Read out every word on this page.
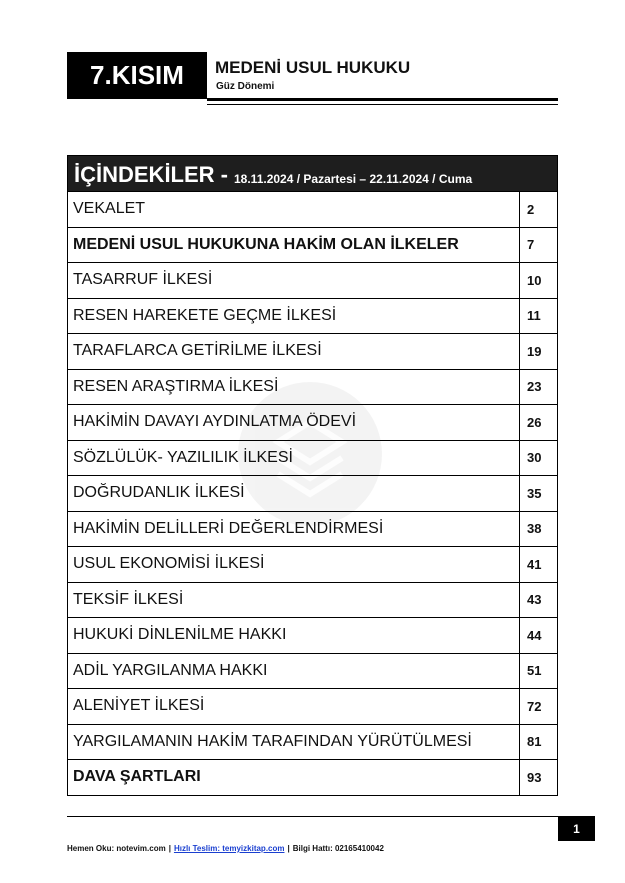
7.KISIM MEDENİ USUL HUKUKU
Güz Dönemi
İÇİNDEKİLER - 18.11.2024 / Pazartesi – 22.11.2024 / Cuma
VEKALET	2
MEDENİ USUL HUKUKUNA HAKİM OLAN İLKELER	7
TASARRUF İLKESİ	10
RESEN HAREKETE GEÇME İLKESİ	11
TARAFLARCA GETİRİLME İLKESİ	19
RESEN ARAŞTIRMA İLKESİ	23
HAKİMİN DAVAYI AYDINLATMA ÖDEVİ	26
SÖZLÜLÜK- YAZILILIK İLKESİ	30
DOĞRUDANLIK İLKESİ	35
HAKİMİN DELİLLERİ DEĞERLENDİRMESİ	38
USUL EKONOMİSİ İLKESİ	41
TEKSİF İLKESİ	43
HUKUKİ DİNLENİLME HAKKI	44
ADİL YARGILANMA HAKKI	51
ALENİYET İLKESİ	72
YARGILAMANIN HAKİM TARAFINDAN YÜRÜTÜLMESİ	81
DAVA ŞARTLARI	93
1
Hemen Oku: notevim.com | Hızlı Teslim: temyizkitap.com | Bilgi Hattı: 02165410042
